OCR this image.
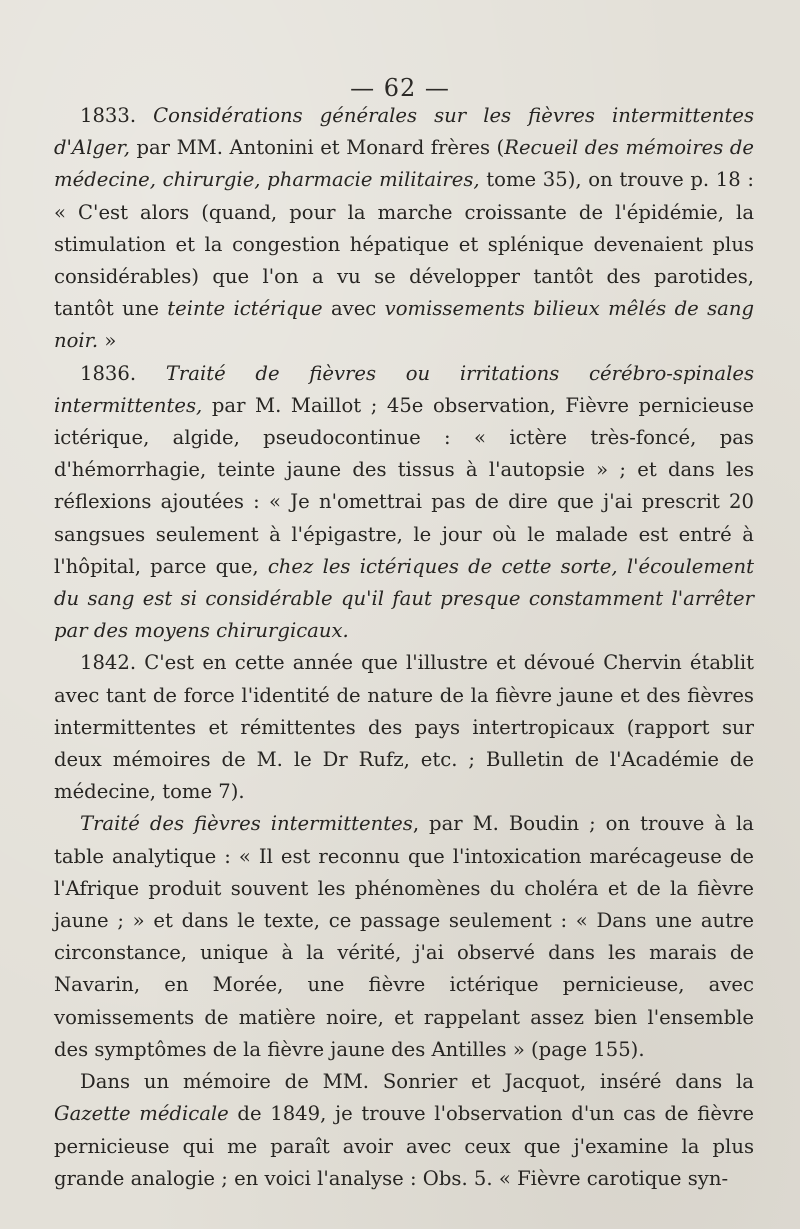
— 62 —

1833. Considérations générales sur les fièvres intermittentes d'Alger, par MM. Antonini et Monard frères (Recueil des mémoires de médecine, chirurgie, pharmacie militaires, tome 35), on trouve p. 18 : « C'est alors (quand, pour la marche croissante de l'épidémie, la stimulation et la congestion hépatique et splénique devenaient plus considérables) que l'on a vu se développer tantôt des parotides, tantôt une teinte ictérique avec vomissements bilieux mêlés de sang noir. »

1836. Traité de fièvres ou irritations cérébro-spinales intermittentes, par M. Maillot ; 45e observation, Fièvre pernicieuse ictérique, algide, pseudocontinue : « ictère très-foncé, pas d'hémorrhagie, teinte jaune des tissus à l'autopsie » ; et dans les réflexions ajoutées : « Je n'omettrai pas de dire que j'ai prescrit 20 sangsues seulement à l'épigastre, le jour où le malade est entré à l'hôpital, parce que, chez les ictériques de cette sorte, l'écoulement du sang est si considérable qu'il faut presque constamment l'arrêter par des moyens chirurgicaux.

1842. C'est en cette année que l'illustre et dévoué Chervin établit avec tant de force l'identité de nature de la fièvre jaune et des fièvres intermittentes et rémittentes des pays intertropicaux (rapport sur deux mémoires de M. le Dr Rufz, etc. ; Bulletin de l'Académie de médecine, tome 7).

Traité des fièvres intermittentes, par M. Boudin ; on trouve à la table analytique : « Il est reconnu que l'intoxication marécageuse de l'Afrique produit souvent les phénomènes du choléra et de la fièvre jaune ; » et dans le texte, ce passage seulement : « Dans une autre circonstance, unique à la vérité, j'ai observé dans les marais de Navarin, en Morée, une fièvre ictérique pernicieuse, avec vomissements de matière noire, et rappelant assez bien l'ensemble des symptômes de la fièvre jaune des Antilles » (page 155).

Dans un mémoire de MM. Sonrier et Jacquot, inséré dans la Gazette médicale de 1849, je trouve l'observation d'un cas de fièvre pernicieuse qui me paraît avoir avec ceux que j'examine la plus grande analogie ; en voici l'analyse : Obs. 5. « Fièvre carotique syn-
